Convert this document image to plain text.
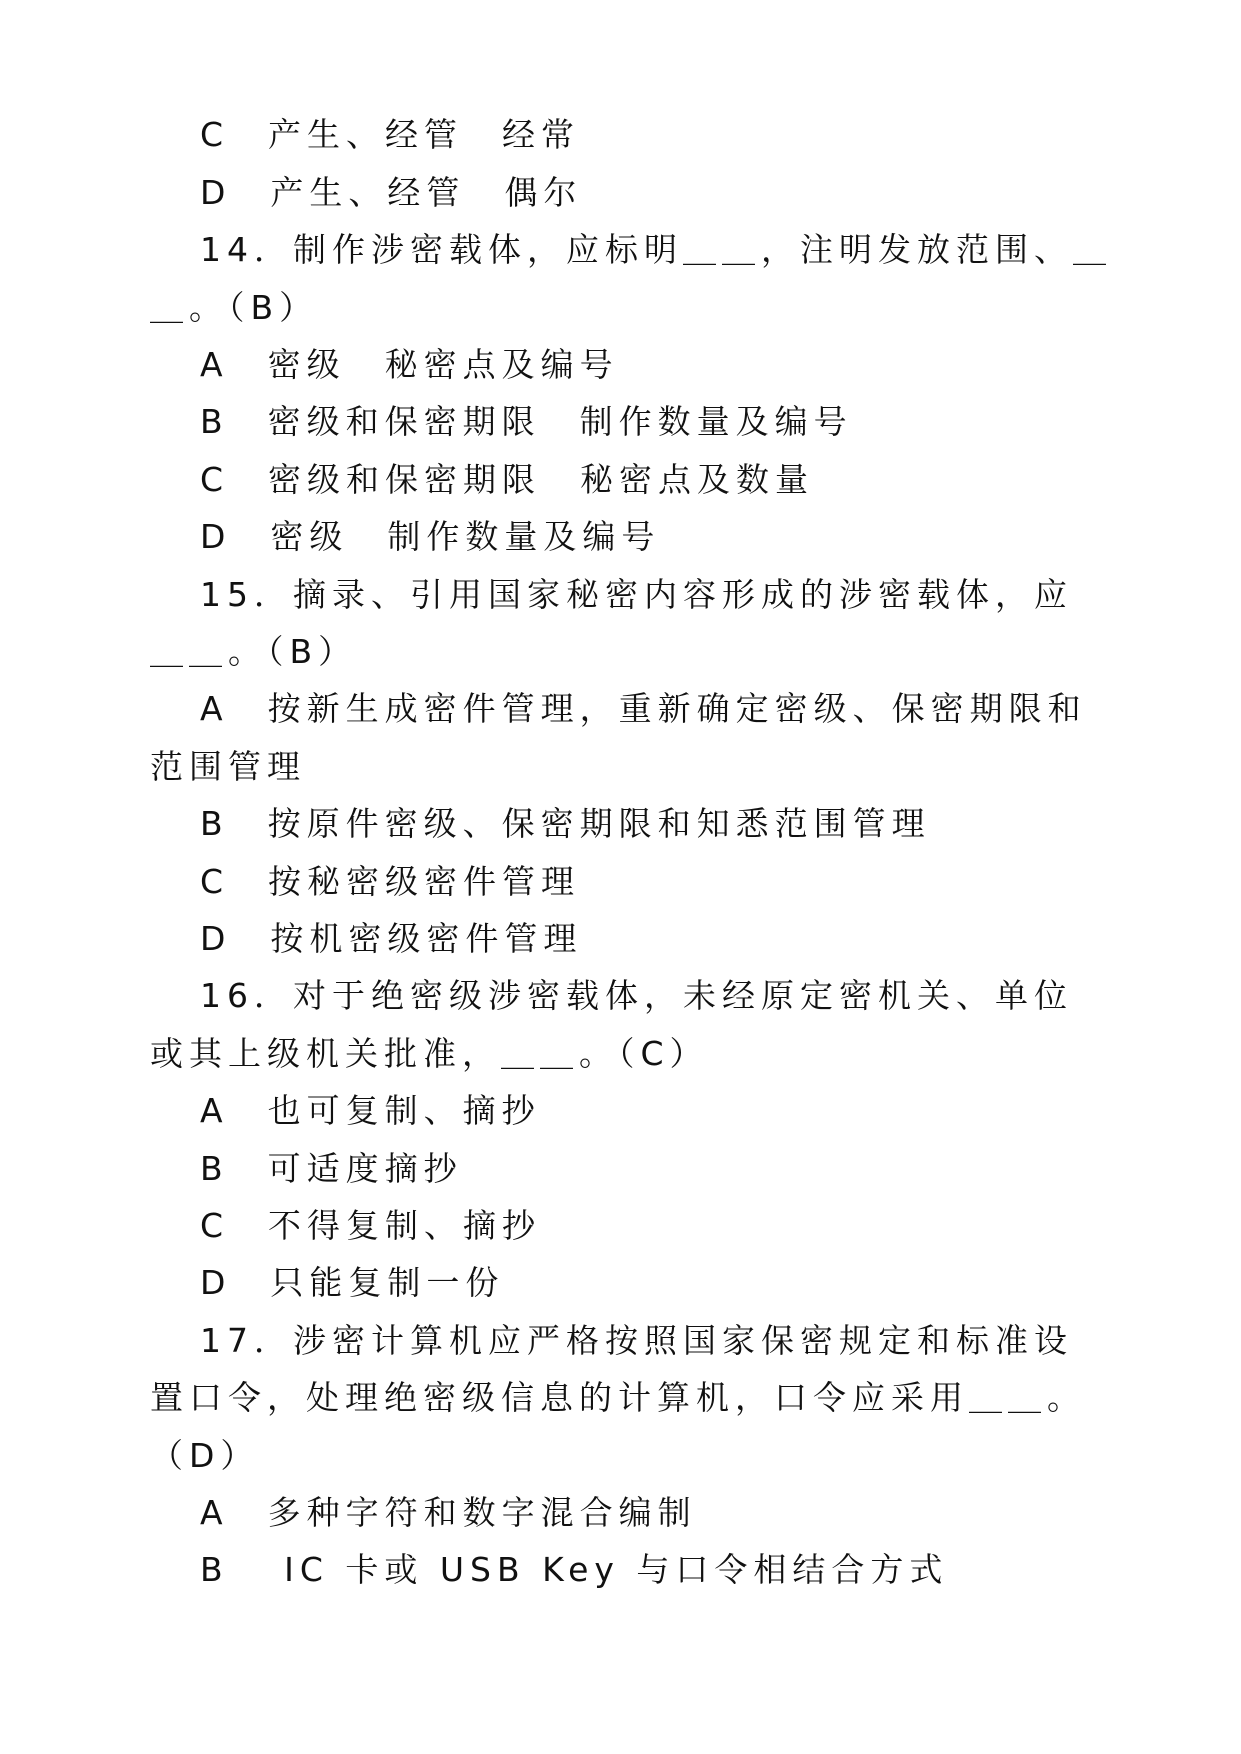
C　产生、经管　经常
D　产生、经管　偶尔
14．制作涉密载体，应标明＿＿，注明发放范围、＿
＿。（B）
A　密级　秘密点及编号
B　密级和保密期限　制作数量及编号
C　密级和保密期限　秘密点及数量
D　密级　制作数量及编号
15．摘录、引用国家秘密内容形成的涉密载体，应
＿＿。（B）
A　按新生成密件管理，重新确定密级、保密期限和
范围管理
B　按原件密级、保密期限和知悉范围管理
C　按秘密级密件管理
D　按机密级密件管理
16．对于绝密级涉密载体，未经原定密机关、单位
或其上级机关批准，＿＿。（C）
A　也可复制、摘抄
B　可适度摘抄
C　不得复制、摘抄
D　只能复制一份
17．涉密计算机应严格按照国家保密规定和标准设
置口令，处理绝密级信息的计算机，口令应采用＿＿。
（D）
A　多种字符和数字混合编制
B　 IC 卡或 USB Key 与口令相结合方式
